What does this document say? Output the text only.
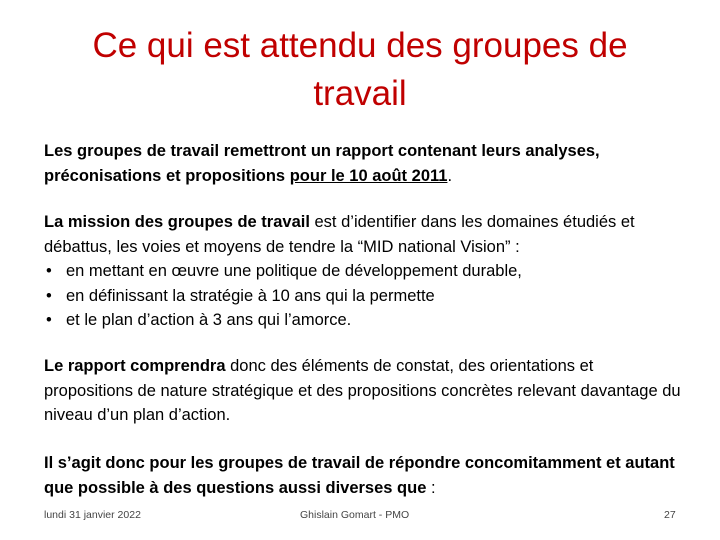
Ce qui est attendu des groupes de
travail
Les groupes de travail remettront un rapport contenant leurs analyses, préconisations et propositions pour le 10 août 2011.
La mission des groupes de travail est d’identifier dans les domaines étudiés et débattus, les voies et moyens de tendre la “MID national Vision” :
• en mettant en œuvre une politique de développement durable,
• en définissant la stratégie à 10 ans qui la permette
• et le plan d’action à 3 ans qui l’amorce.
Le rapport comprendra donc des éléments de constat, des orientations et propositions de nature stratégique et des propositions concrètes relevant davantage du niveau d’un plan d’action.
Il s’agit donc pour les groupes de travail de répondre concomitamment et autant que possible à des questions aussi diverses que :
lundi 31 janvier 2022	Ghislain Gomart - PMO	27
